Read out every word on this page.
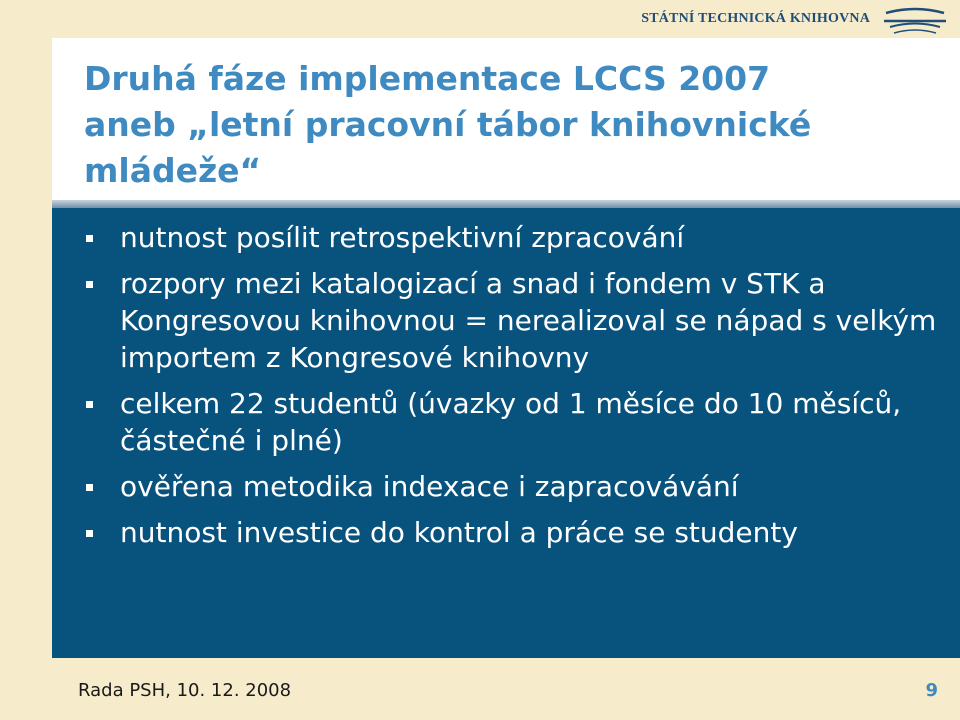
STÁTNÍ TECHNICKÁ KNIHOVNA
Druhá fáze implementace LCCS 2007 aneb „letní pracovní tábor knihovnické mládeže“
nutnost posílit retrospektivní zpracování
rozpory mezi katalogizací a snad i fondem v STK a Kongresovou knihovnou = nerealizoval se nápad s velkým importem z Kongresové knihovny
celkem 22 studentů (úvazky od 1 měsíce do 10 měsíců, částečné i plné)
ověřena metodika indexace i zapracovávání
nutnost investice do kontrol a práce se studenty
Rada PSH, 10. 12. 2008	9
